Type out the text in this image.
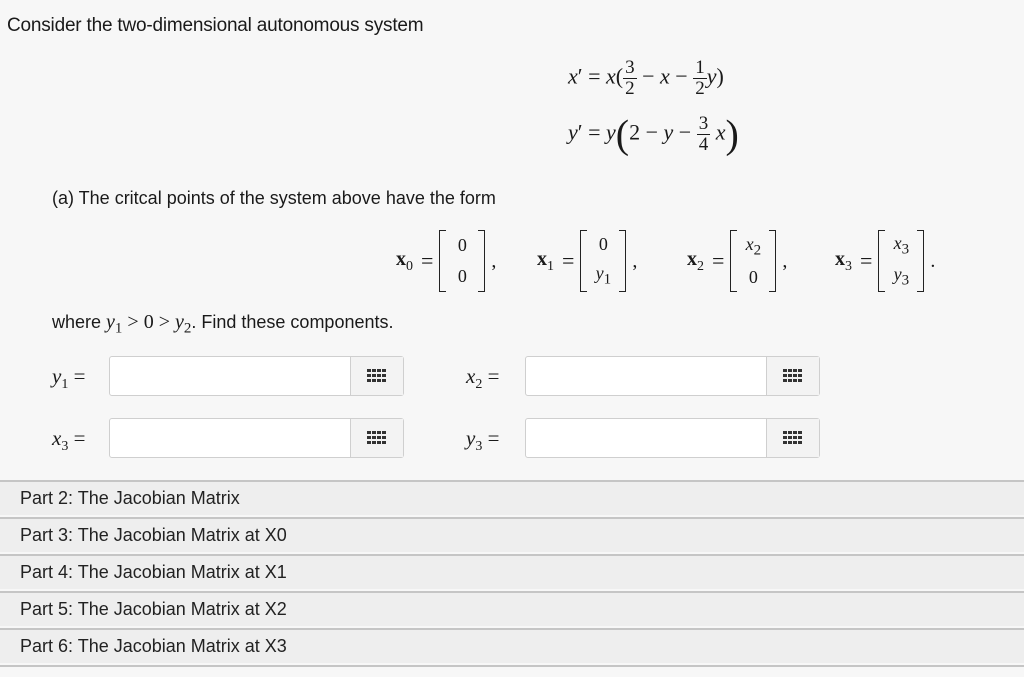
Consider the two-dimensional autonomous system
$x' = x( \frac{3}{2} - x - \frac{1}{2} y)$
$y' = y(2 - y - \frac{3}{4} x)$
(a) The critcal points of the system above have the form
$x_0$ =
0
0
, $x_1$ =
0
$y_1$
, $x_2$ =
$x_2$
0
, $x_3$ =
$x_3$
$y_3$
.
where $y_1 > 0 > y_2$. Find these components.
$y_1$ =	$x_2$ =
$x_3$ =	$y_3$ =
Part 2: The Jacobian Matrix
Part 3: The Jacobian Matrix at X0
Part 4: The Jacobian Matrix at X1
Part 5: The Jacobian Matrix at X2
Part 6: The Jacobian Matrix at X3
